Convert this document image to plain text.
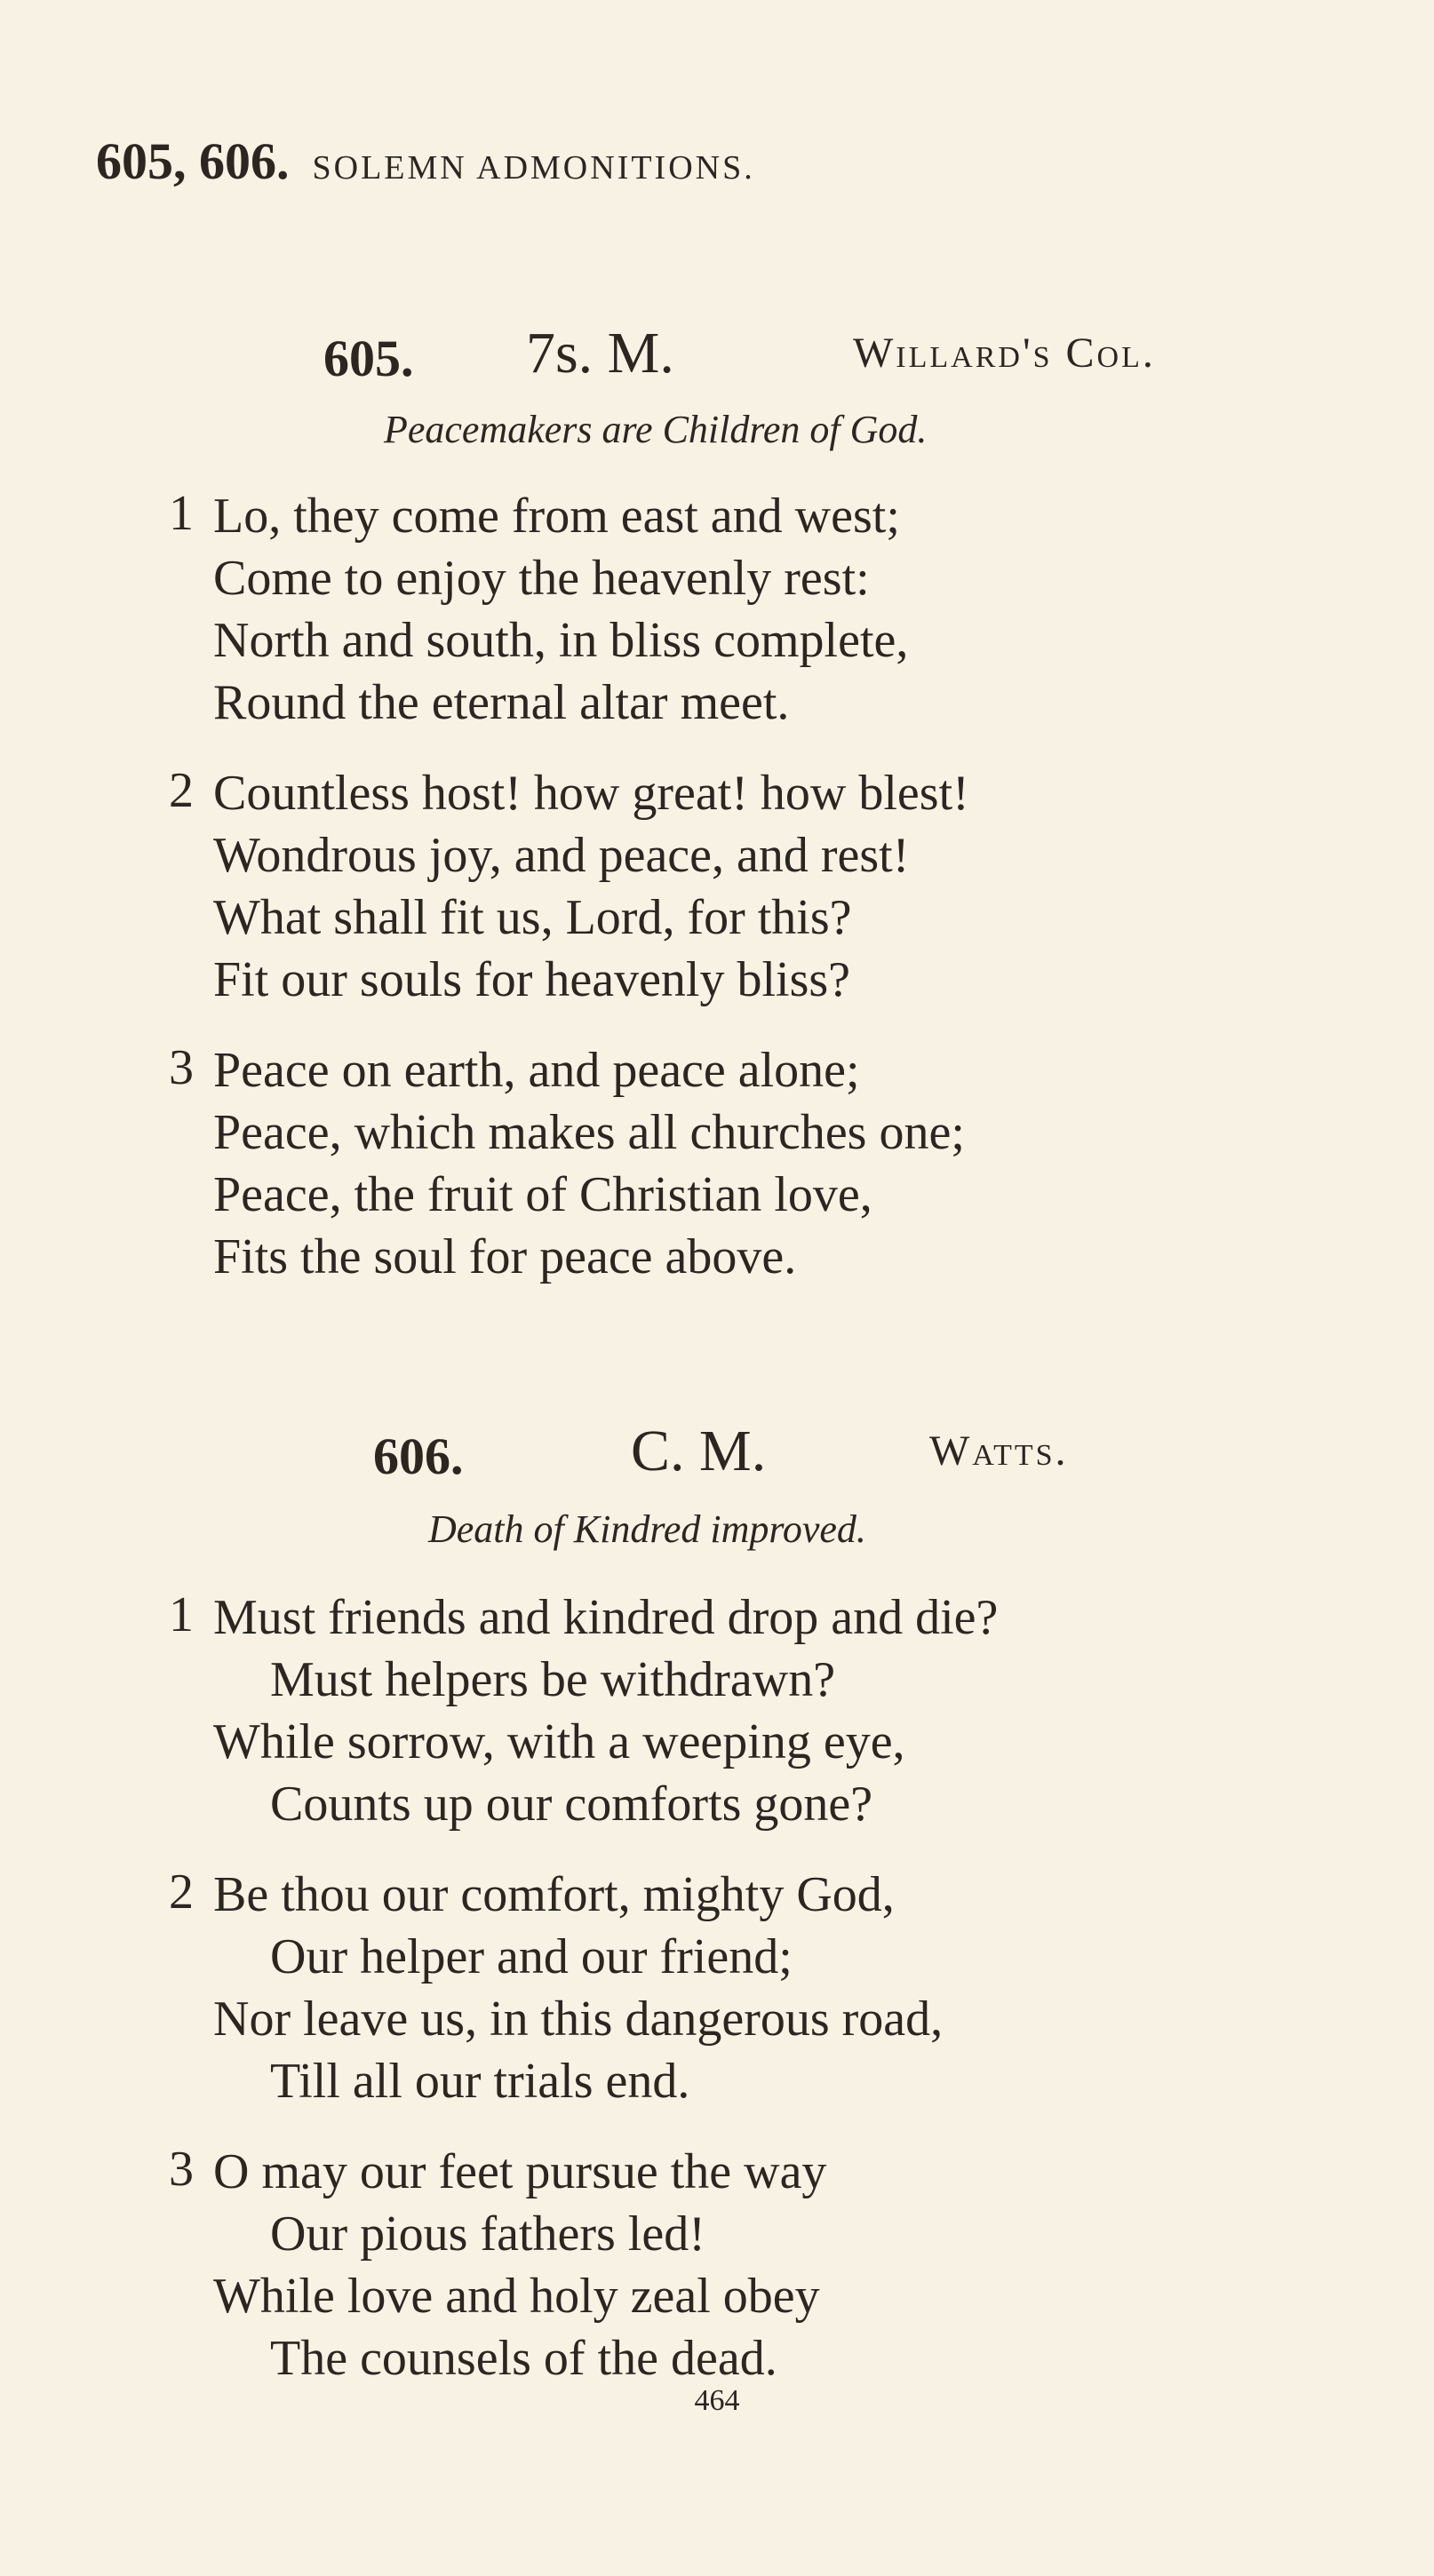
605, 606. SOLEMN ADMONITIONS.
605. 7s. M.	Willard's Col.
Peacemakers are Children of God.
1 Lo, they come from east and west;
Come to enjoy the heavenly rest:
North and south, in bliss complete,
Round the eternal altar meet.
2 Countless host! how great! how blest!
Wondrous joy, and peace, and rest!
What shall fit us, Lord, for this?
Fit our souls for heavenly bliss?
3 Peace on earth, and peace alone;
Peace, which makes all churches one;
Peace, the fruit of Christian love,
Fits the soul for peace above.
606.	C. M.	Watts.
Death of Kindred improved.
1 Must friends and kindred drop and die?
Must helpers be withdrawn?
While sorrow, with a weeping eye,
Counts up our comforts gone?
2 Be thou our comfort, mighty God,
Our helper and our friend;
Nor leave us, in this dangerous road,
Till all our trials end.
3 O may our feet pursue the way
Our pious fathers led!
While love and holy zeal obey
The counsels of the dead.
464
